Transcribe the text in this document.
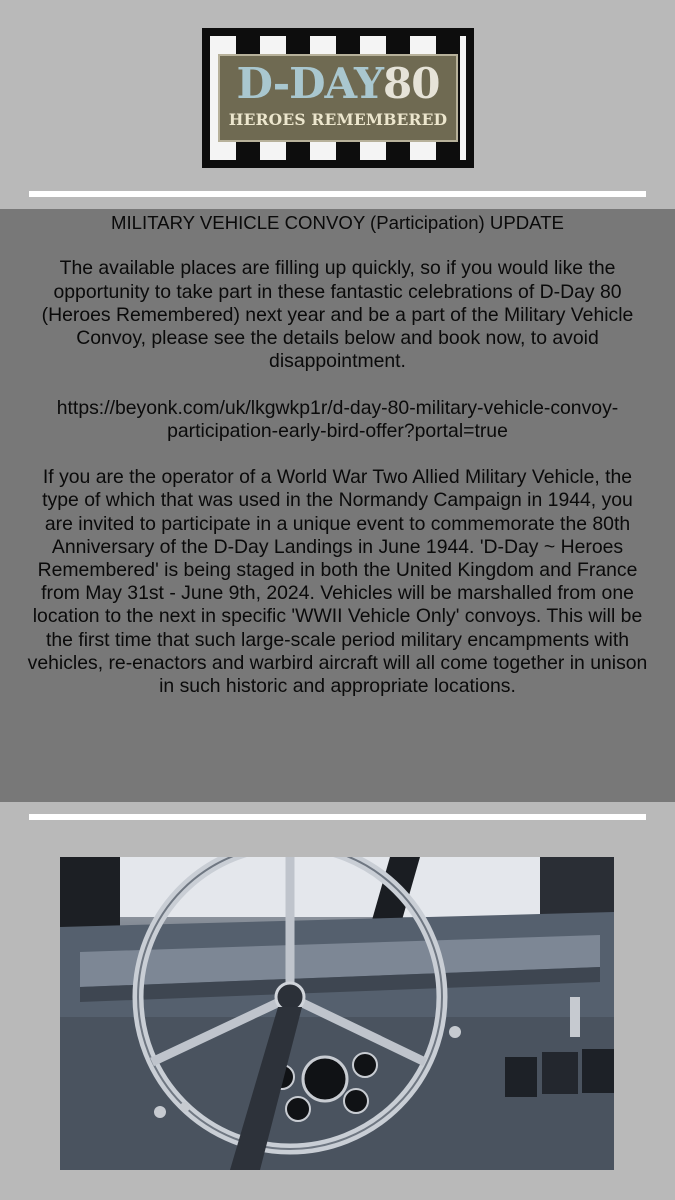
D-DAY80
HEROES REMEMBERED

MILITARY VEHICLE CONVOY (Participation) UPDATE

The available places are filling up quickly, so if you would like the opportunity to take part in these fantastic celebrations of D-Day 80 (Heroes Remembered) next year and be a part of the Military Vehicle Convoy, please see the details below and book now, to avoid disappointment.

https://beyonk.com/uk/lkgwkp1r/d-day-80-military-vehicle-convoy-participation-early-bird-offer?portal=true

If you are the operator of a World War Two Allied Military Vehicle, the type of which that was used in the Normandy Campaign in 1944, you are invited to participate in a unique event to commemorate the 80th Anniversary of the D-Day Landings in June 1944. 'D-Day ~ Heroes Remembered' is being staged in both the United Kingdom and France from May 31st - June 9th, 2024. Vehicles will be marshalled from one location to the next in specific 'WWII Vehicle Only' convoys. This will be the first time that such large-scale period military encampments with vehicles, re-enactors and warbird aircraft will all come together in unison in such historic and appropriate locations.
